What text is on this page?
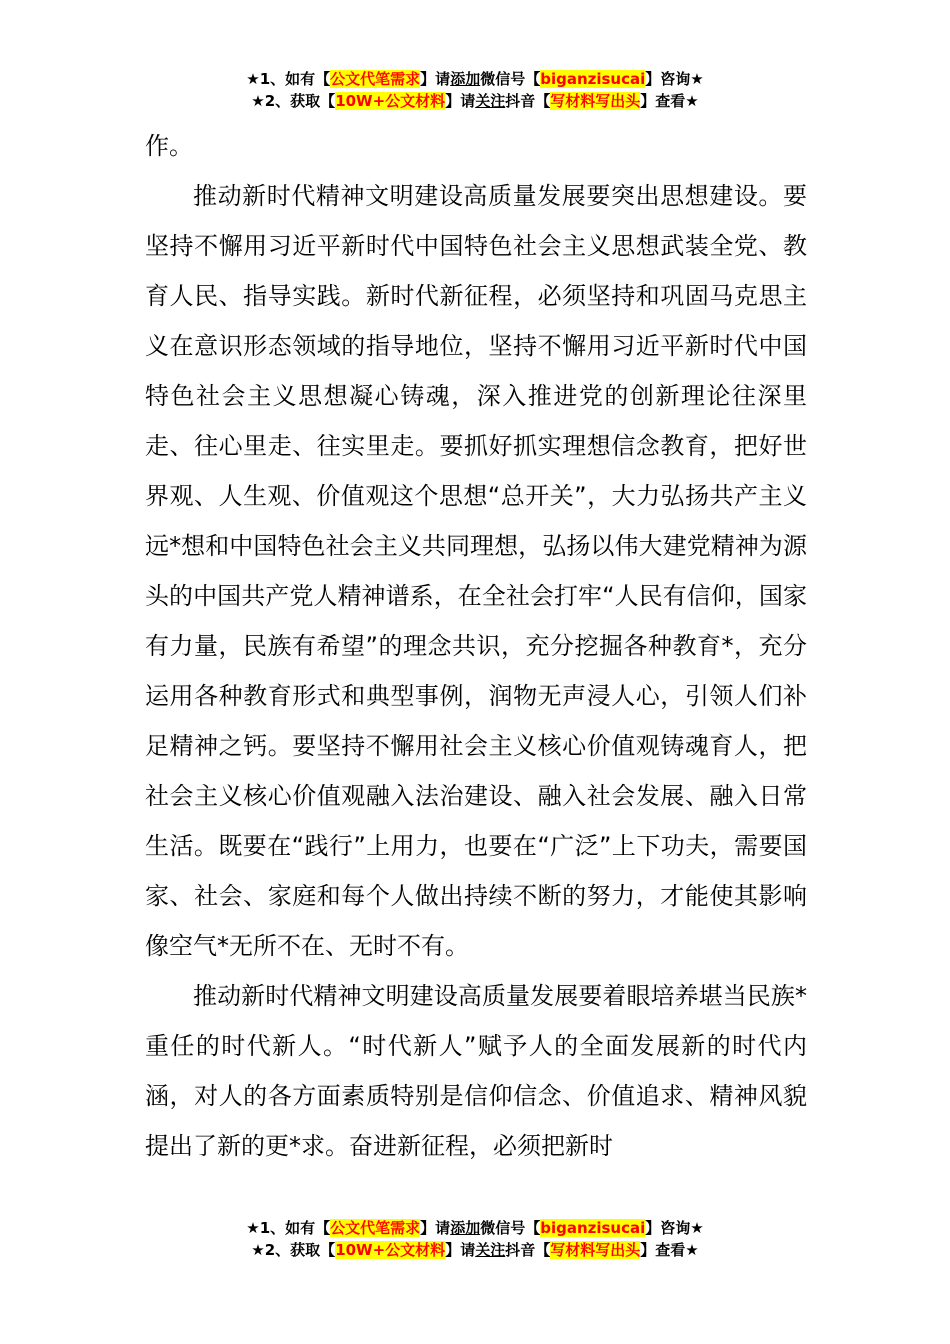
★1、如有【公文代笔需求】请添加微信号【biganzisucai】咨询★
★2、获取【10W+公文材料】请关注抖音【写材料写出头】查看★

作。

推动新时代精神文明建设高质量发展要突出思想建设。要坚持不懈用习近平新时代中国特色社会主义思想武装全党、教育人民、指导实践。新时代新征程，必须坚持和巩固马克思主义在意识形态领域的指导地位，坚持不懈用习近平新时代中国特色社会主义思想凝心铸魂，深入推进党的创新理论往深里走、往心里走、往实里走。要抓好抓实理想信念教育，把好世界观、人生观、价值观这个思想“总开关”，大力弘扬共产主义远*想和中国特色社会主义共同理想，弘扬以伟大建党精神为源头的中国共产党人精神谱系，在全社会打牢“人民有信仰，国家有力量，民族有希望”的理念共识，充分挖掘各种教育*，充分运用各种教育形式和典型事例，润物无声浸人心，引领人们补足精神之钙。要坚持不懈用社会主义核心价值观铸魂育人，把社会主义核心价值观融入法治建设、融入社会发展、融入日常生活。既要在“践行”上用力，也要在“广泛”上下功夫，需要国家、社会、家庭和每个人做出持续不断的努力，才能使其影响像空气*无所不在、无时不有。

推动新时代精神文明建设高质量发展要着眼培养堪当民族*重任的时代新人。“时代新人”赋予人的全面发展新的时代内涵，对人的各方面素质特别是信仰信念、价值追求、精神风貌提出了新的更*求。奋进新征程，必须把新时

★1、如有【公文代笔需求】请添加微信号【biganzisucai】咨询★
★2、获取【10W+公文材料】请关注抖音【写材料写出头】查看★
